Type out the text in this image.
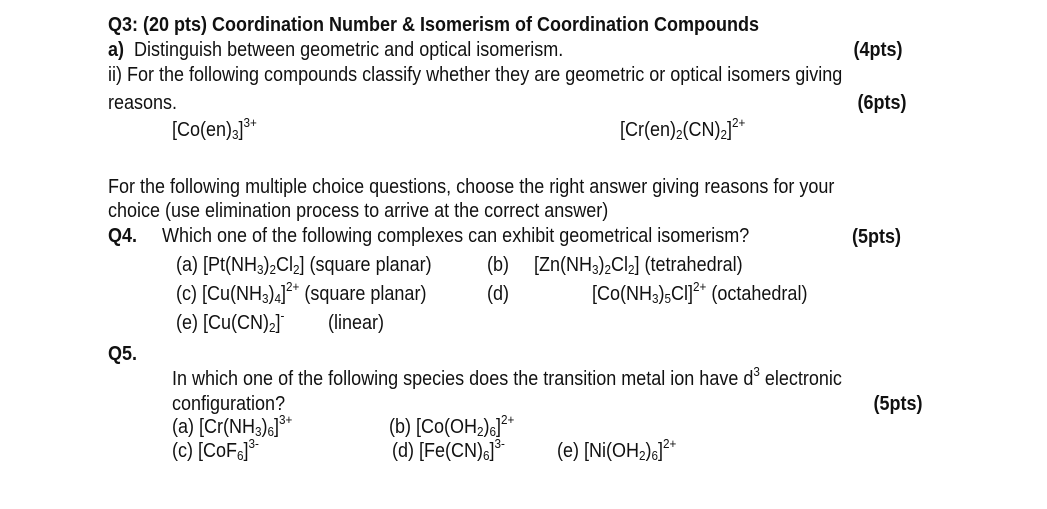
Q3: (20 pts) Coordination Number & Isomerism of Coordination Compounds
a) Distinguish between geometric and optical isomerism.	(4pts)
ii) For the following compounds classify whether they are geometric or optical isomers giving
reasons.	(6pts)
$[Co(en)_3]^{3+}$	$[Cr(en)_2(CN)_2]^{2+}$
For the following multiple choice questions, choose the right answer giving reasons for your
choice (use elimination process to arrive at the correct answer)
Q4. Which one of the following complexes can exhibit geometrical isomerism?	(5pts)
(a) $[Pt(NH_3)_2Cl_2]$ (square planar)	(b) $[Zn(NH_3)_2Cl_2]$ (tetrahedral)
(c) $[Cu(NH_3)_4]^{2+}$ (square planar)	(d)	$[Co(NH_3)_5Cl]^{2+}$ (octahedral)
(e) $[Cu(CN)_2]^-$ (linear)
Q5.
In which one of the following species does the transition metal ion have $d^3$ electronic
configuration?	(5pts)
(a) $[Cr(NH_3)_6]^{3+}$	(b) $[Co(OH_2)_6]^{2+}$
(c) $[CoF_6]^{3-}$	(d) $[Fe(CN)_6]^{3-}$	(e) $[Ni(OH_2)_6]^{2+}$
